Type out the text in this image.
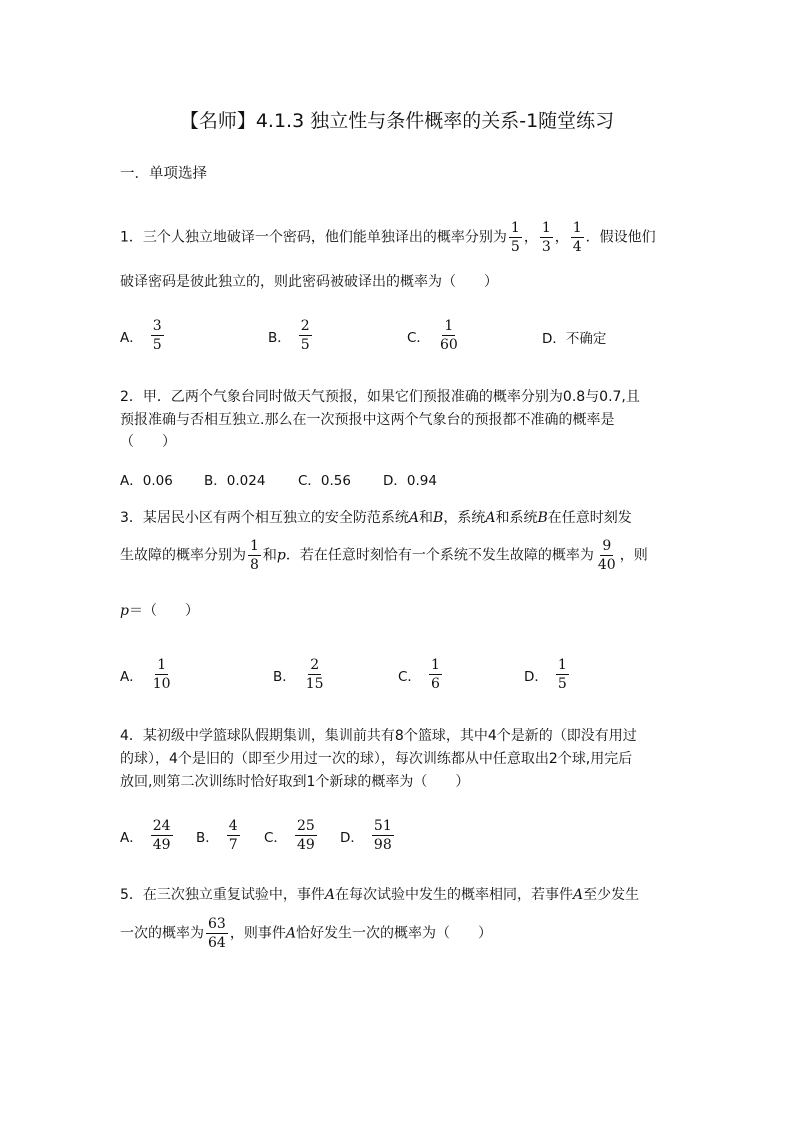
【名师】4.1.3 独立性与条件概率的关系-1随堂练习
一．单项选择
1．三个人独立地破译一个密码，他们能单独译出的概率分别为 $\frac{1}{5}$ ， $\frac{1}{3}$ ， $\frac{1}{4}$ ．假设他们
破译密码是彼此独立的，则此密码被破译出的概率为（　　）
A． $\frac{3}{5}$	B． $\frac{2}{5}$	C． $\frac{1}{60}$	D．不确定
2．甲．乙两个气象台同时做天气预报，如果它们预报准确的概率分别为0.8与0.7,且
预报准确与否相互独立.那么在一次预报中这两个气象台的预报都不准确的概率是
（　　）
A．0.06 B．0.024 C．0.56 D．0.94
3．某居民小区有两个相互独立的安全防范系统A和B，系统A和系统B在任意时刻发
生故障的概率分别为 $\frac{1}{8}$ 和p．若在任意时刻恰有一个系统不发生故障的概率为 $\frac{9}{40}$ ，则
p＝（　　）
A． $\frac{1}{10}$	B． $\frac{2}{15}$	C． $\frac{1}{6}$	D． $\frac{1}{5}$
4．某初级中学篮球队假期集训，集训前共有8个篮球，其中4个是新的（即没有用过
的球），4个是旧的（即至少用过一次的球），每次训练都从中任意取出2个球,用完后
放回,则第二次训练时恰好取到1个新球的概率为（　　）
A． $\frac{24}{49}$ B． $\frac{4}{7}$ C． $\frac{25}{49}$ D． $\frac{51}{98}$
5．在三次独立重复试验中，事件A在每次试验中发生的概率相同，若事件A至少发生
一次的概率为 $\frac{63}{64}$ ，则事件A恰好发生一次的概率为（　　）
